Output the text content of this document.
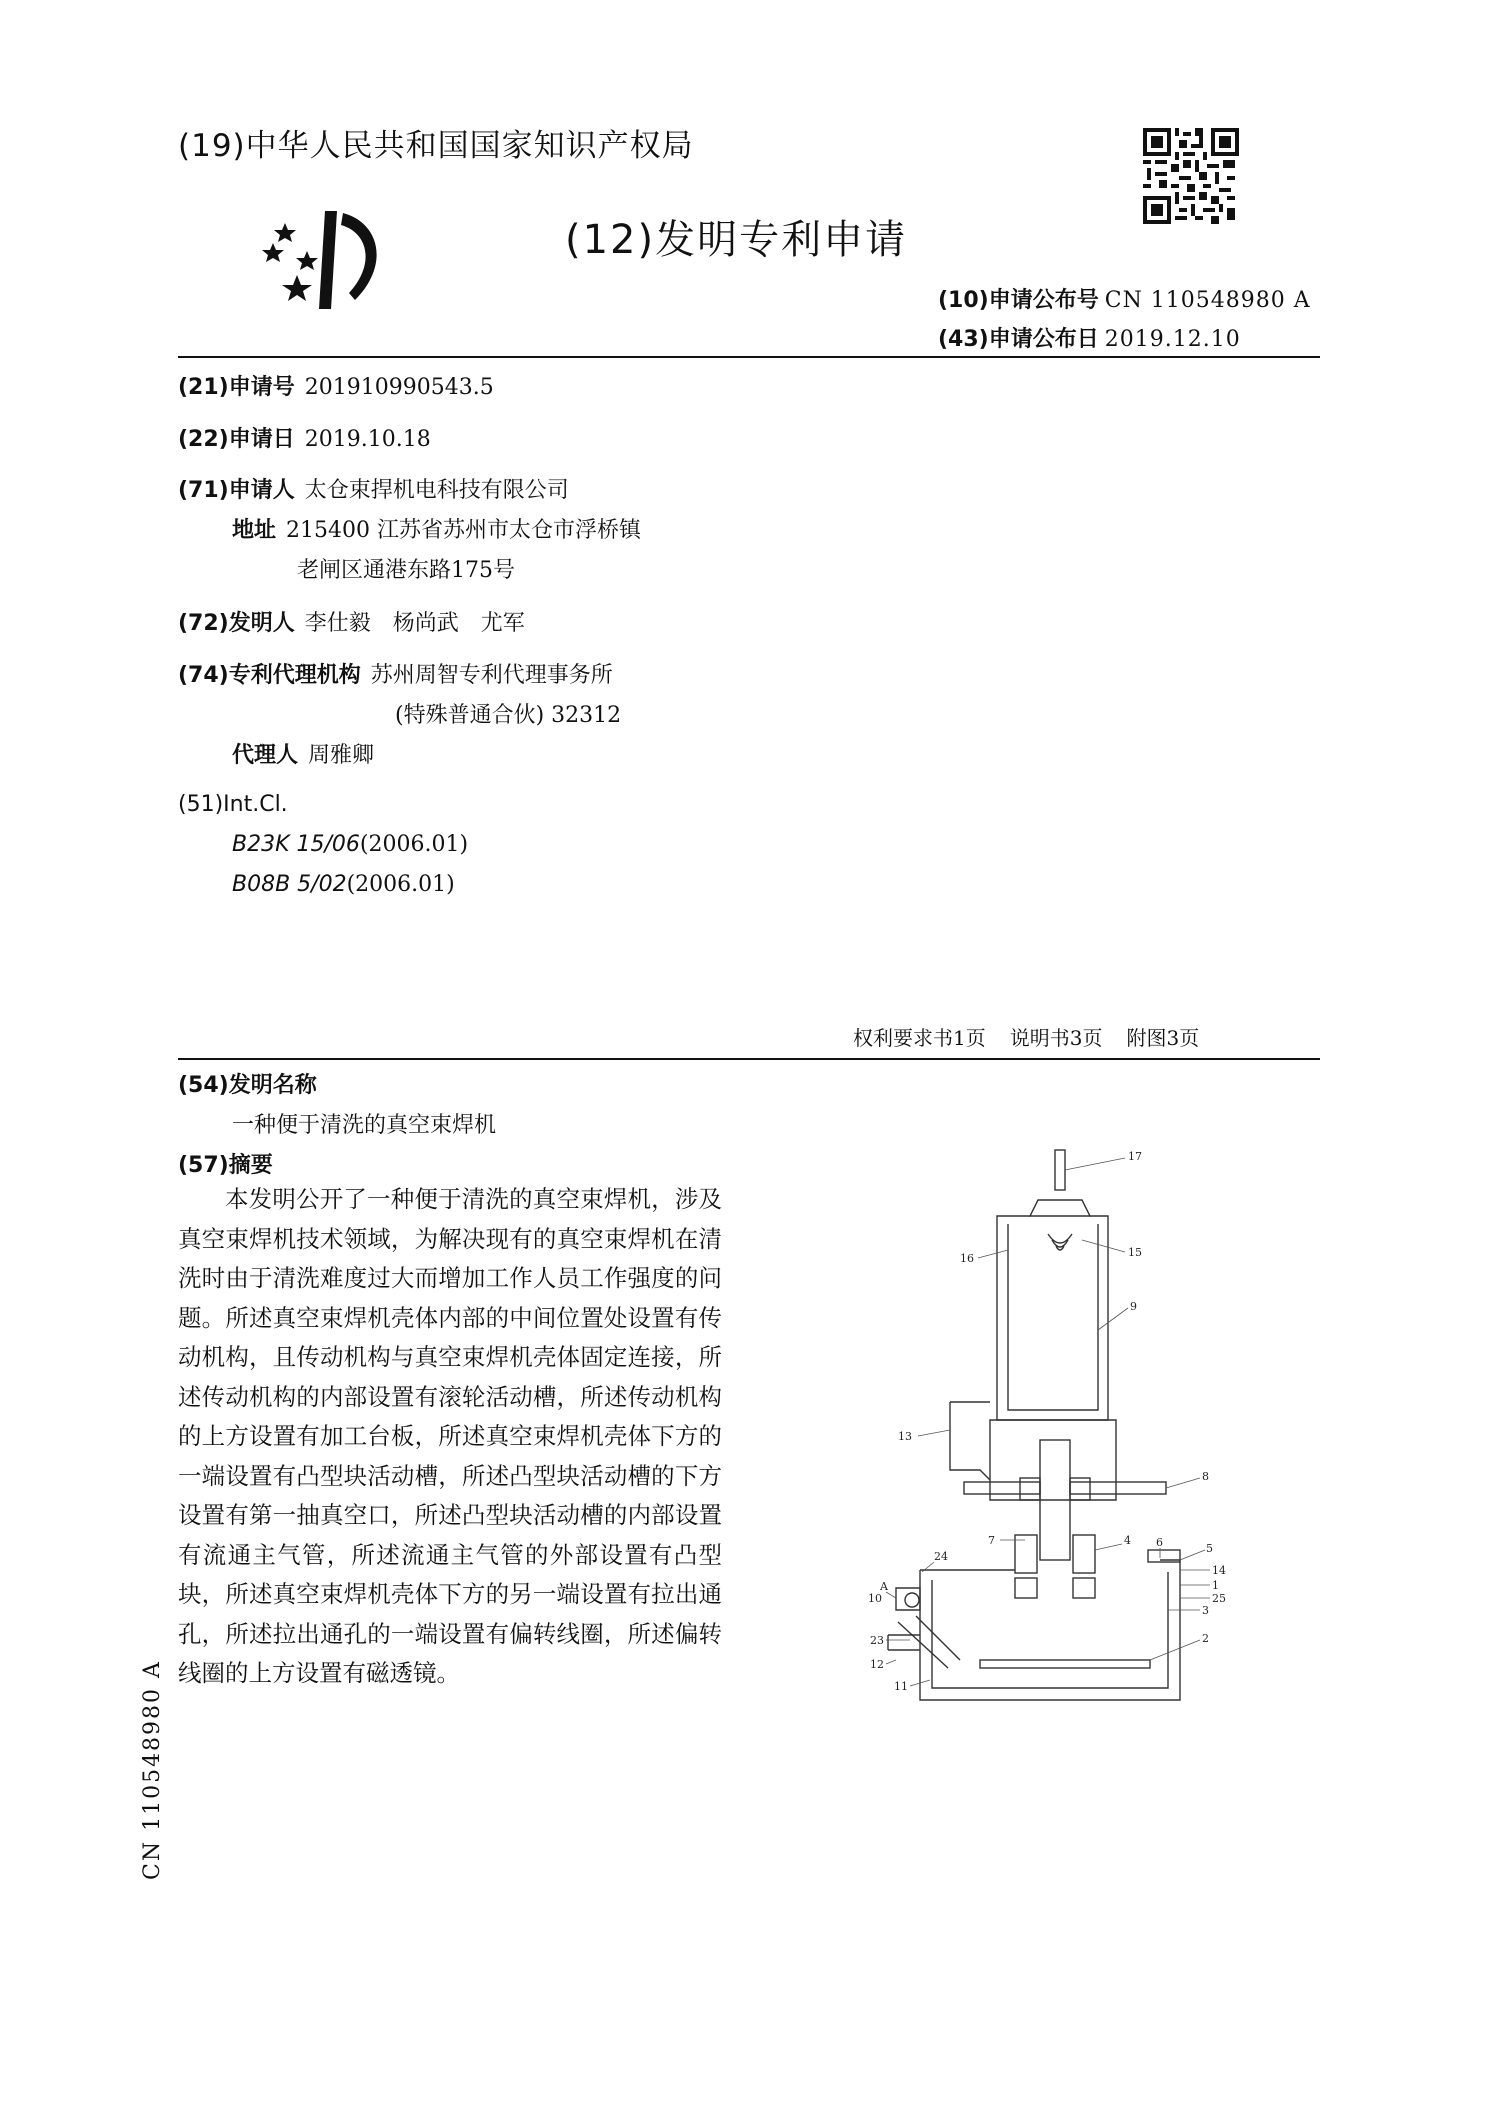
(19)中华人民共和国国家知识产权局
(12)发明专利申请
(10)申请公布号 CN 110548980 A
(43)申请公布日 2019.12.10
(21)申请号 201910990543.5
(22)申请日 2019.10.18
(71)申请人 太仓束捍机电科技有限公司
地址 215400 江苏省苏州市太仓市浮桥镇
老闸区通港东路175号
(72)发明人 李仕毅　杨尚武　尤军
(74)专利代理机构 苏州周智专利代理事务所
(特殊普通合伙) 32312
代理人 周雅卿
(51)Int.Cl.
B23K 15/06(2006.01)
B08B 5/02(2006.01)
权利要求书1页 说明书3页 附图3页
(54)发明名称
一种便于清洗的真空束焊机
(57)摘要
本发明公开了一种便于清洗的真空束焊机，涉及真空束焊机技术领域，为解决现有的真空束焊机在清洗时由于清洗难度过大而增加工作人员工作强度的问题。所述真空束焊机壳体内部的中间位置处设置有传动机构，且传动机构与真空束焊机壳体固定连接，所述传动机构的内部设置有滚轮活动槽，所述传动机构的上方设置有加工台板，所述真空束焊机壳体下方的一端设置有凸型块活动槽，所述凸型块活动槽的下方设置有第一抽真空口，所述凸型块活动槽的内部设置有流通主气管，所述流通主气管的外部设置有凸型块，所述真空束焊机壳体下方的另一端设置有拉出通孔，所述拉出通孔的一端设置有偏转线圈，所述偏转线圈的上方设置有磁透镜。
CN 110548980 A
17
15
16
9
13
8
7	4 6	5
24
14
1
25
A
10
3
2
23
12
11
